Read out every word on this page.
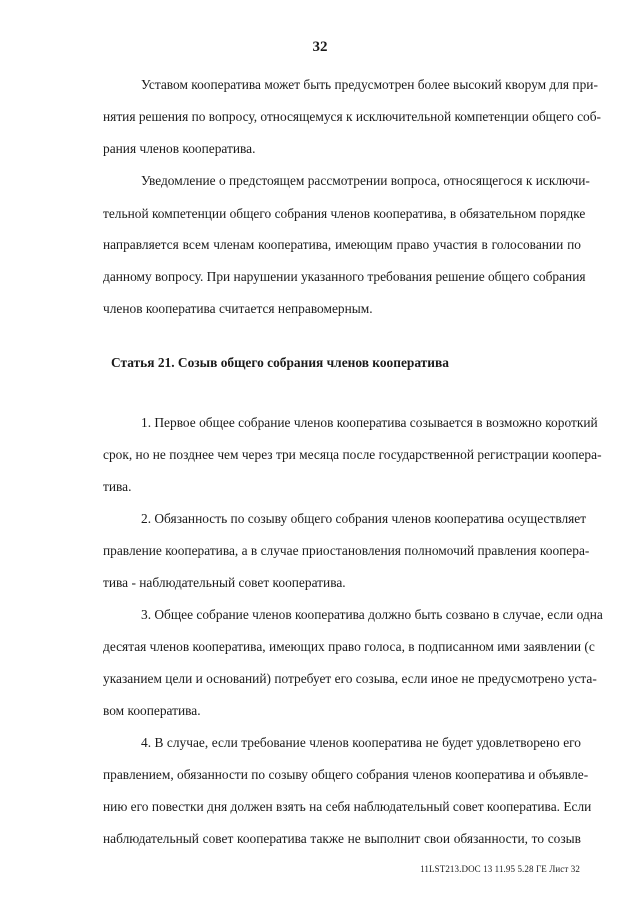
32
Уставом кооператива может быть предусмотрен более высокий кворум для при-
нятия решения по вопросу, относящемуся к исключительной компетенции общего соб-
рания членов кооператива.
Уведомление о предстоящем рассмотрении вопроса, относящегося к исключи-
тельной компетенции общего собрания членов кооператива, в обязательном порядке
направляется всем членам кооператива, имеющим право участия в голосовании по
данному вопросу. При нарушении указанного требования решение общего собрания
членов кооператива считается неправомерным.
Статья 21. Созыв общего собрания членов кооператива
1. Первое общее собрание членов кооператива созывается в возможно короткий
срок, но не позднее чем через три месяца после государственной регистрации коопера-
тива.
2. Обязанность по созыву общего собрания членов кооператива осуществляет
правление кооператива, а в случае приостановления полномочий правления коопера-
тива - наблюдательный совет кооператива.
3. Общее собрание членов кооператива должно быть созвано в случае, если одна
десятая членов кооператива, имеющих право голоса, в подписанном ими заявлении (с
указанием цели и оснований) потребует его созыва, если иное не предусмотрено уста-
вом кооператива.
4. В случае, если требование членов кооператива не будет удовлетворено его
правлением, обязанности по созыву общего собрания членов кооператива и объявле-
нию его повестки дня должен взять на себя наблюдательный совет кооператива. Если
наблюдательный совет кооператива также не выполнит свои обязанности, то созыв
11LST213.DOC 13 11.95 5.28 ГЕ Лист 32
